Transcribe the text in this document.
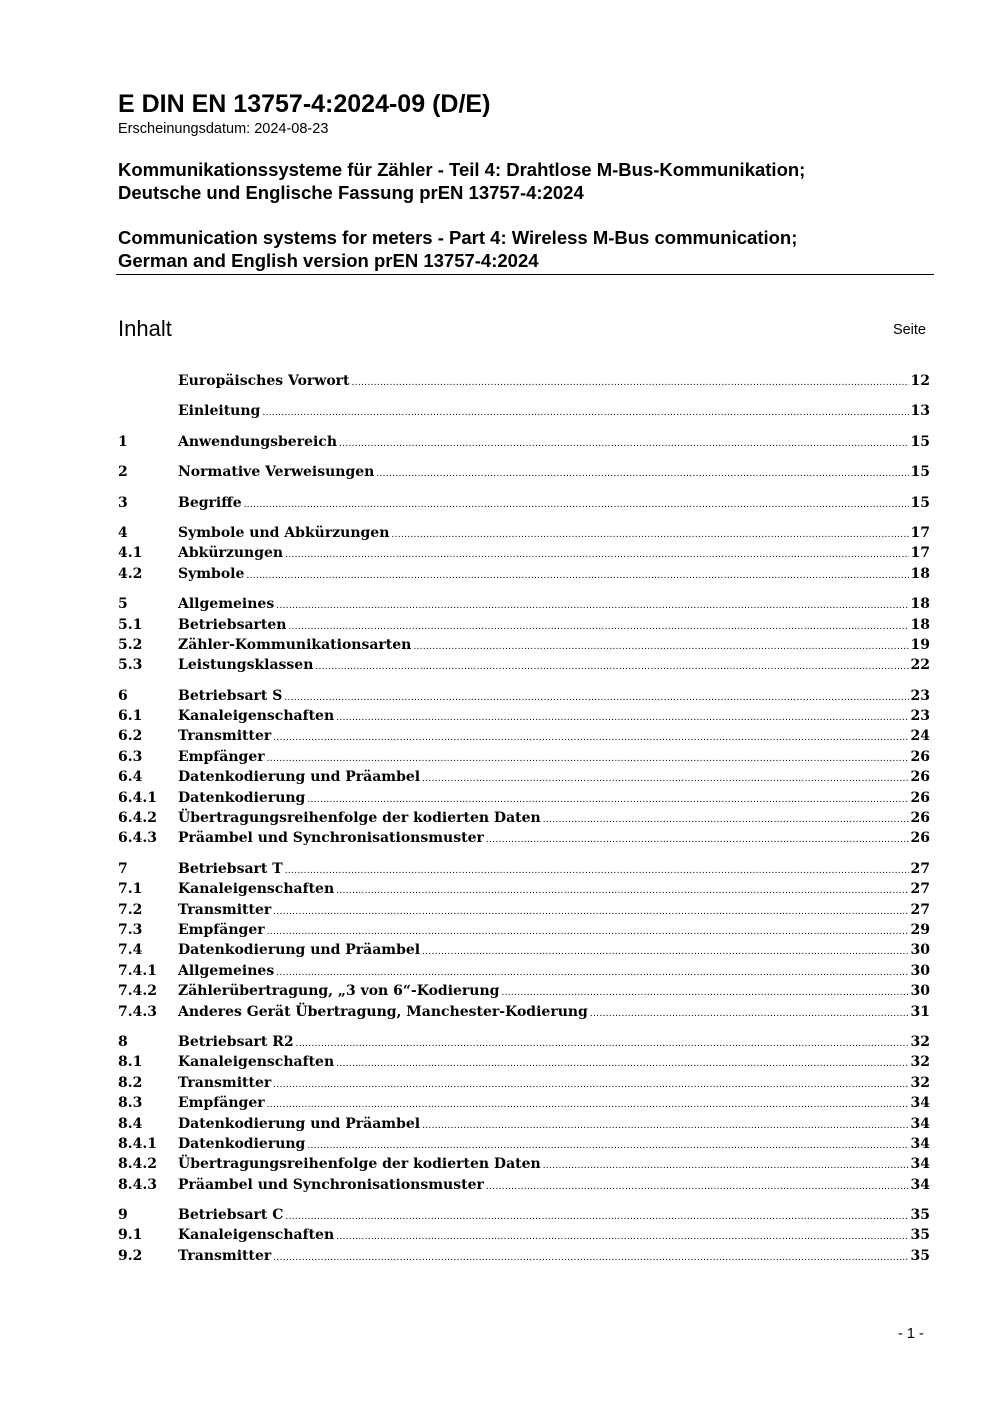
E DIN EN 13757-4:2024-09 (D/E)

Erscheinungsdatum: 2024-08-23

Kommunikationssysteme für Zähler - Teil 4: Drahtlose M-Bus-Kommunikation;
Deutsche und Englische Fassung prEN 13757-4:2024

Communication systems for meters - Part 4: Wireless M-Bus communication;
German and English version prEN 13757-4:2024

Inhalt	Seite
Europäisches Vorwort .....	12
Einleitung .....	13
1	Anwendungsbereich .....	15
2	Normative Verweisungen .....	15
3	Begriffe .....	15
4	Symbole und Abkürzungen .....	17
4.1	Abkürzungen .....	17
4.2	Symbole .....	18
5	Allgemeines .....	18
5.1	Betriebsarten .....	18
5.2	Zähler-Kommunikationsarten .....	19
5.3	Leistungsklassen .....	22
6	Betriebsart S .....	23
6.1	Kanaleigenschaften .....	23
6.2	Transmitter .....	24
6.3	Empfänger .....	26
6.4	Datenkodierung und Präambel .....	26
6.4.1	Datenkodierung .....	26
6.4.2	Übertragungsreihenfolge der kodierten Daten .....	26
6.4.3	Präambel und Synchronisationsmuster .....	26
7	Betriebsart T .....	27
7.1	Kanaleigenschaften .....	27
7.2	Transmitter .....	27
7.3	Empfänger .....	29
7.4	Datenkodierung und Präambel .....	30
7.4.1	Allgemeines .....	30
7.4.2	Zählerübertragung, „3 von 6“-Kodierung .....	30
7.4.3	Anderes Gerät Übertragung, Manchester-Kodierung .....	31
8	Betriebsart R2 .....	32
8.1	Kanaleigenschaften .....	32
8.2	Transmitter .....	32
8.3	Empfänger .....	34
8.4	Datenkodierung und Präambel .....	34
8.4.1	Datenkodierung .....	34
8.4.2	Übertragungsreihenfolge der kodierten Daten .....	34
8.4.3	Präambel und Synchronisationsmuster .....	34
9	Betriebsart C .....	35
9.1	Kanaleigenschaften .....	35
9.2	Transmitter .....	35
- 1 -
